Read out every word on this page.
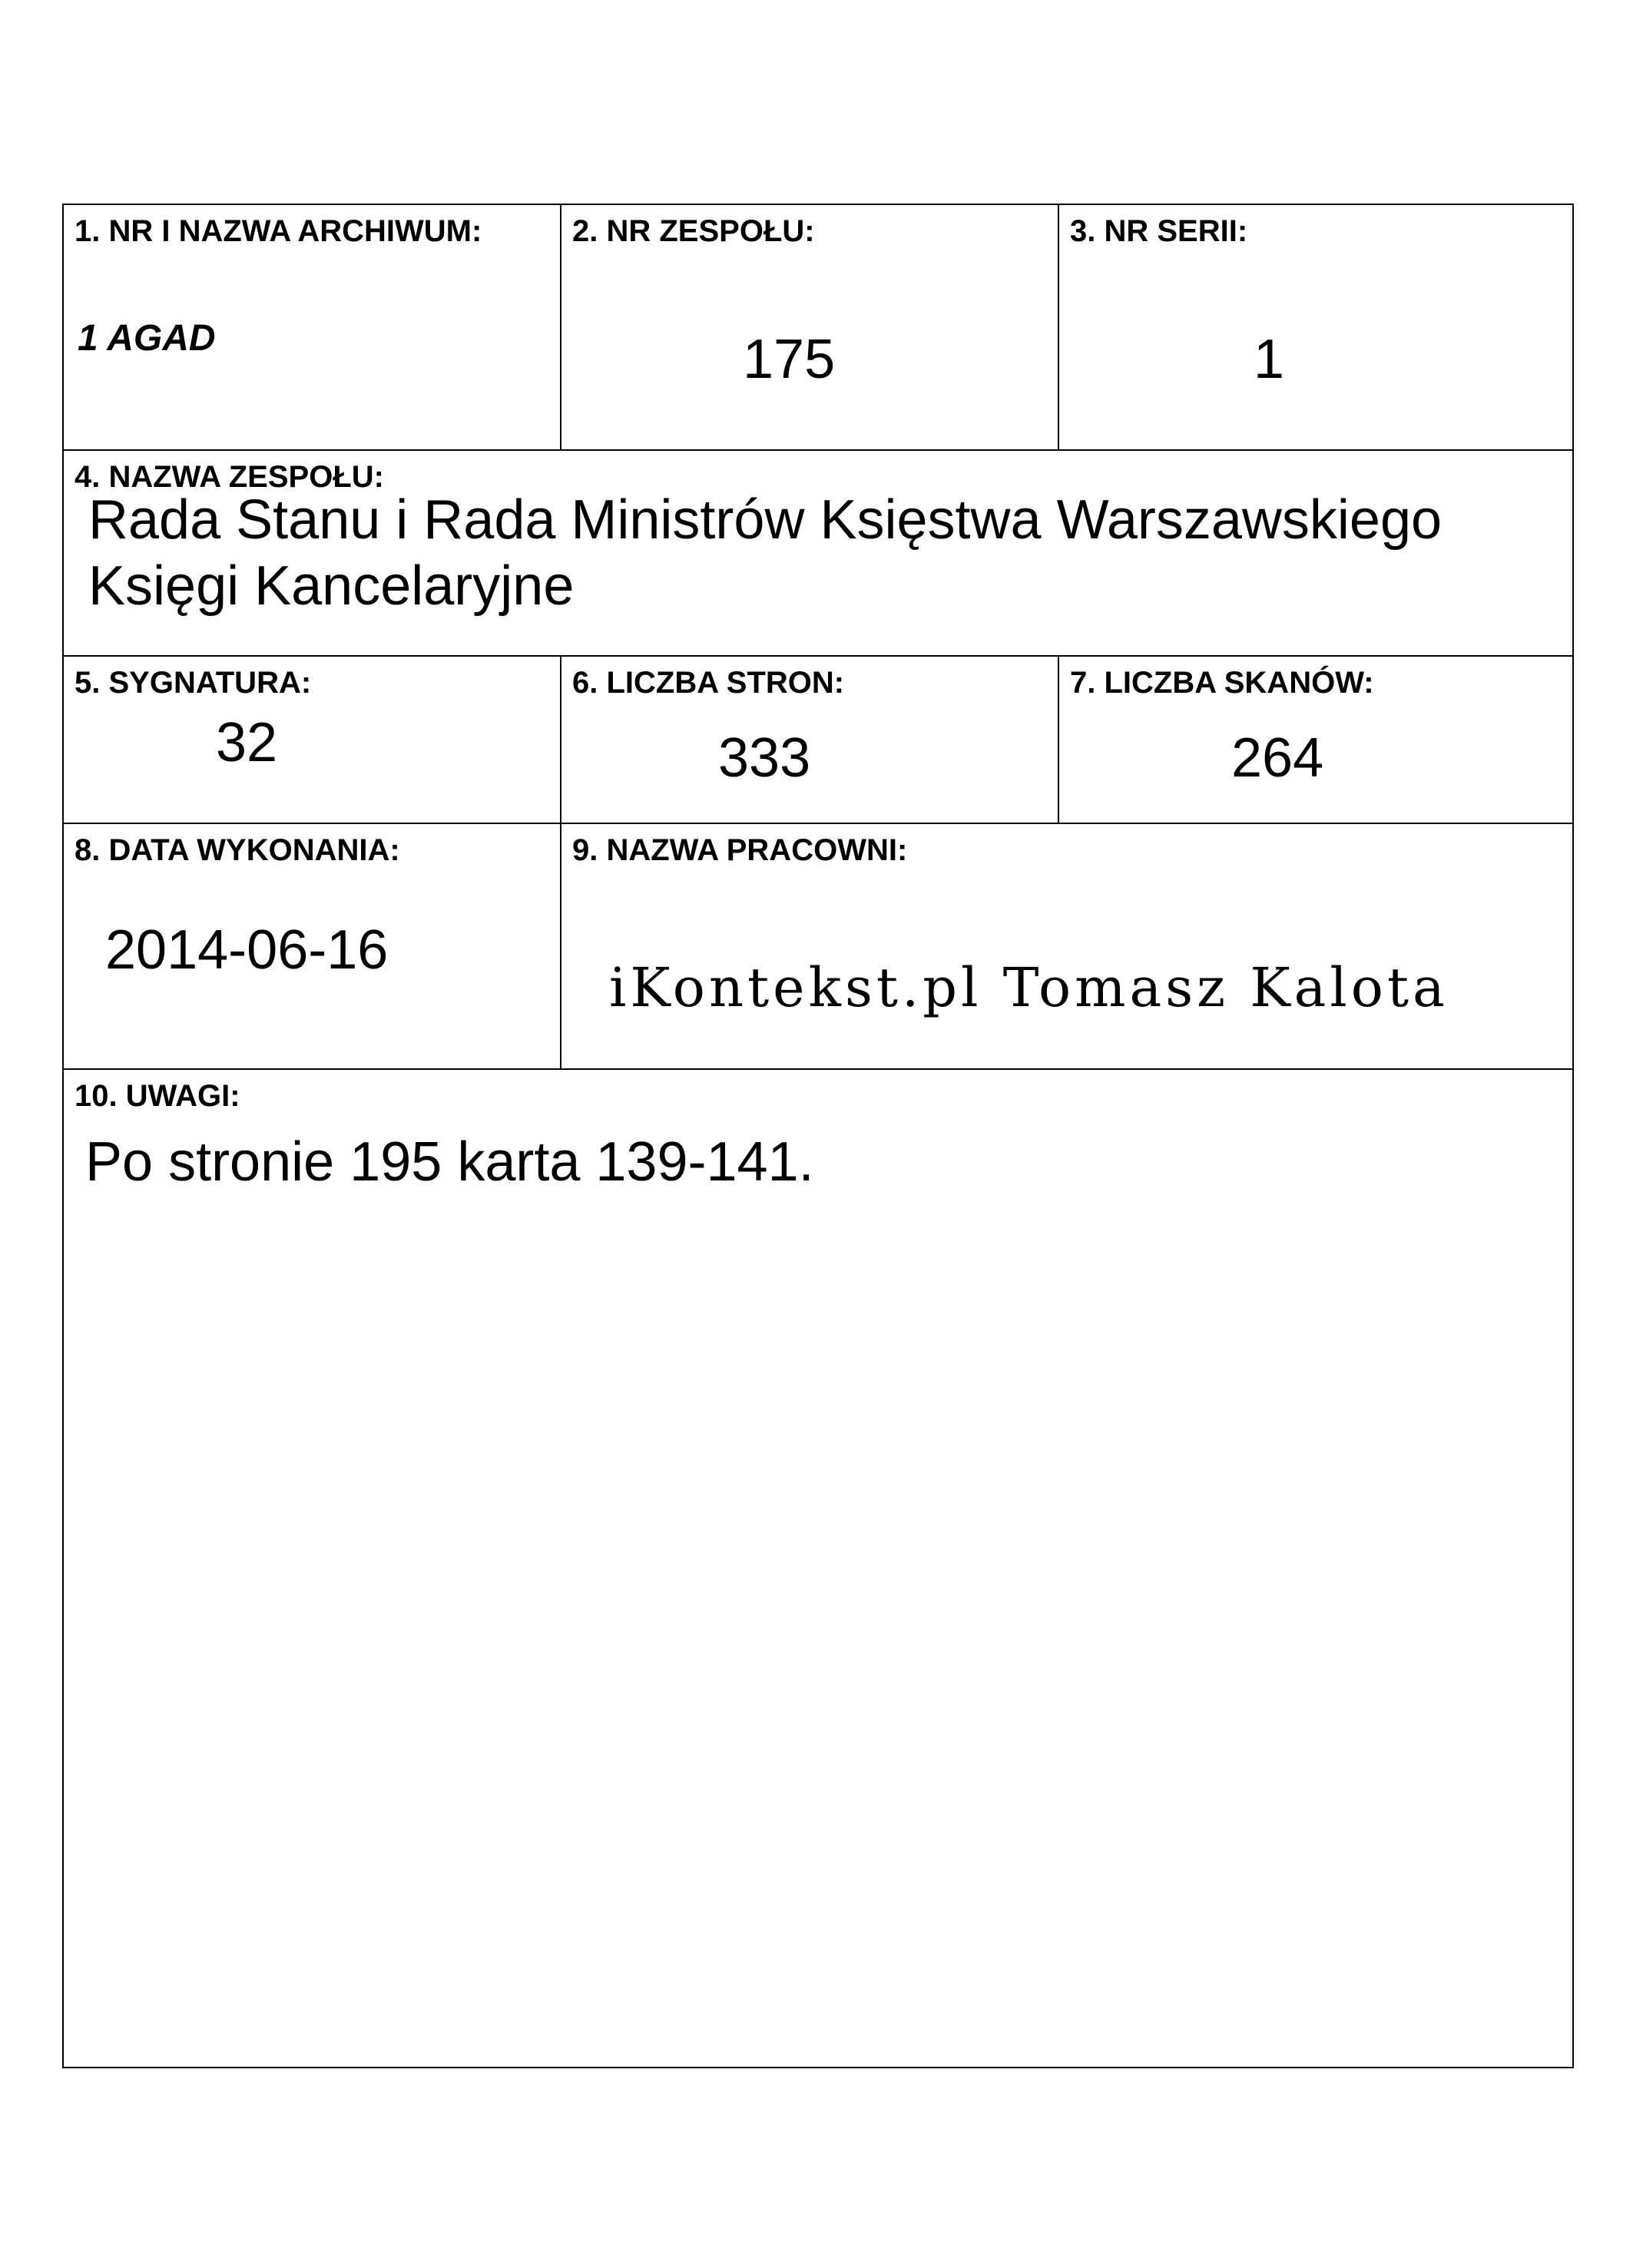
1. NR I NAZWA ARCHIWUM:
1 AGAD
2. NR ZESPOŁU:
175
3. NR SERII:
1
4. NAZWA ZESPOŁU:
Rada Stanu i Rada Ministrów Księstwa Warszawskiego
Księgi Kancelaryjne
5. SYGNATURA:
32
6. LICZBA STRON:
333
7. LICZBA SKANÓW:
264
8. DATA WYKONANIA:
2014-06-16
9. NAZWA PRACOWNI:
iKontekst.pl Tomasz Kalota
10. UWAGI:
Po stronie 195 karta 139-141.
